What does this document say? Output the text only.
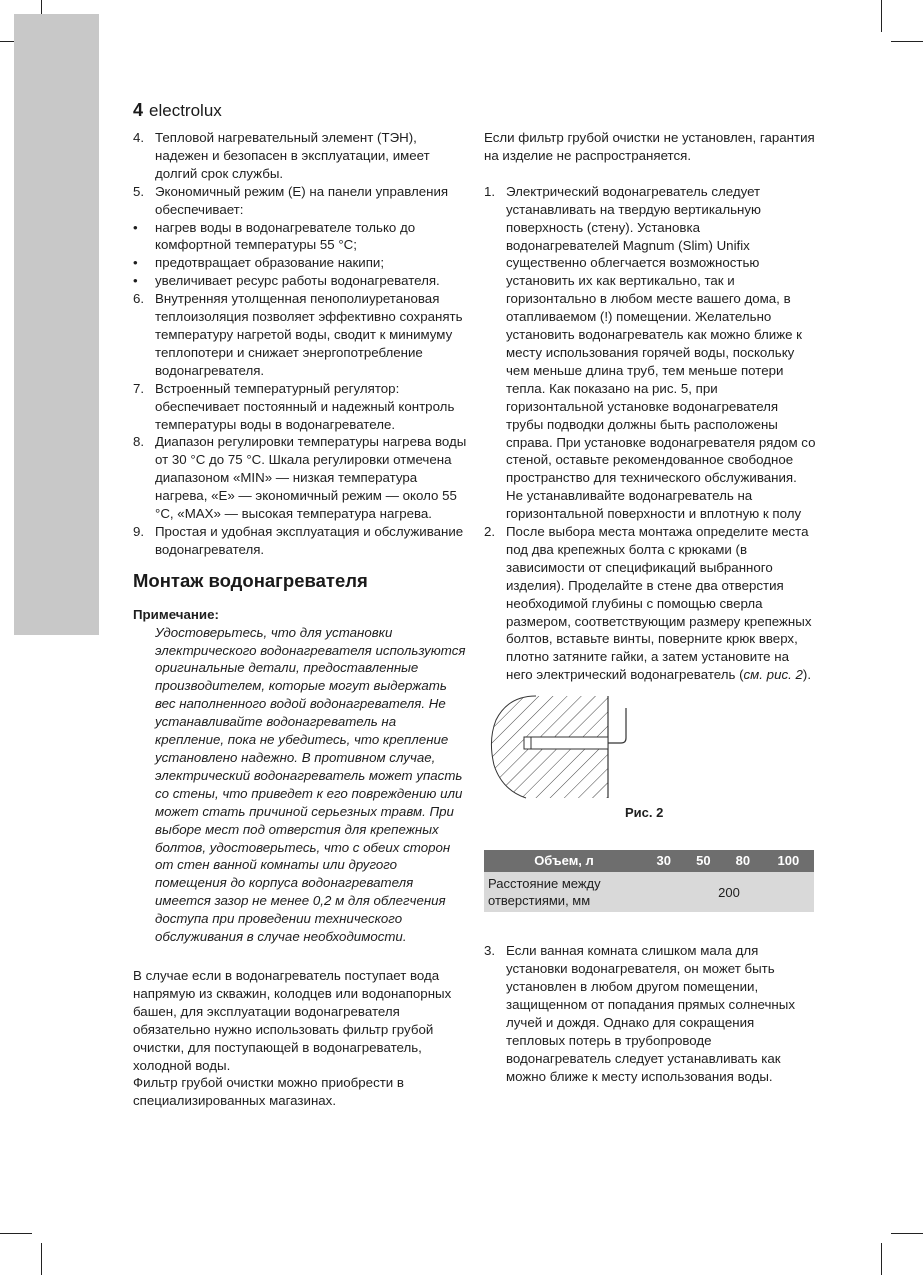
4 electrolux
4. Тепловой нагревательный элемент (ТЭН), надежен и безопасен в эксплуатации, имеет долгий срок службы.
5. Экономичный режим (E) на панели управления обеспечивает:
• нагрев воды в водонагревателе только до комфортной температуры 55 °C;
• предотвращает образование накипи;
• увеличивает ресурс работы водонагревателя.
6. Внутренняя утолщенная пенополиуретановая теплоизоляция позволяет эффективно сохранять температуру нагретой воды, сводит к минимуму теплопотери и снижает энергопотребление водонагревателя.
7. Встроенный температурный регулятор: обеспечивает постоянный и надежный контроль температуры воды в водонагревателе.
8. Диапазон регулировки температуры нагрева воды от 30 °C до 75 °C. Шкала регулировки отмечена диапазоном «MIN» — низкая температура нагрева, «E» — экономичный режим — около 55 °C, «MAX» — высокая температура нагрева.
9. Простая и удобная эксплуатация и обслуживание водонагревателя.
Монтаж водонагревателя

Примечание:

Удостоверьтесь, что для установки электрического водонагревателя используются оригинальные детали, предоставленные производителем, которые могут выдержать вес наполненного водой водонагревателя. Не устанавливайте водонагреватель на крепление, пока не убедитесь, что крепление установлено надежно. В противном случае, электрический водонагреватель может упасть со стены, что приведет к его повреждению или может стать причиной серьезных травм. При выборе мест под отверстия для крепежных болтов, удостоверьтесь, что с обеих сторон от стен ванной комнаты или другого помещения до корпуса водонагревателя имеется зазор не менее 0,2 м для облегчения доступа при проведении технического обслуживания в случае необходимости.

В случае если в водонагреватель поступает вода напрямую из скважин, колодцев или водонапорных башен, для эксплуатации водонагревателя обязательно нужно использовать фильтр грубой очистки, для поступающей в водонагреватель, холодной воды.

Фильтр грубой очистки можно приобрести в специализированных магазинах.

Если фильтр грубой очистки не установлен, гарантия на изделие не распространяется.

1. Электрический водонагреватель следует устанавливать на твердую вертикальную поверхность (стену). Установка водонагревателей Magnum (Slim) Unifix существенно облегчается возможностью установить их как вертикально, так и горизонтально в любом месте вашего дома, в отапливаемом (!) помещении. Желательно установить водонагреватель как можно ближе к месту использования горячей воды, поскольку чем меньше длина труб, тем меньше потери тепла. Как показано на рис. 5, при горизонтальной установке водонагревателя трубы подводки должны быть расположены справа. При установке водонагревателя рядом со стеной, оставьте рекомендованное свободное пространство для технического обслуживания. Не устанавливайте водонагреватель на горизонтальной поверхности и вплотную к полу
2. После выбора места монтажа определите места под два крепежных болта с крюками (в зависимости от спецификаций выбранного изделия). Проделайте в стене два отверстия необходимой глубины с помощью сверла размером, соответствующим размеру крепежных болтов, вставьте винты, поверните крюк вверх, плотно затяните гайки, а затем установите на него электрический водонагреватель (см. рис. 2).
Рис. 2
Объем, л	30	50	80	100
Расстояние между отверстиями, мм	200			
3. Если ванная комната слишком мала для установки водонагревателя, он может быть установлен в любом другом помещении, защищенном от попадания прямых солнечных лучей и дождя. Однако для сокращения тепловых потерь в трубопроводе водонагреватель следует устанавливать как можно ближе к месту использования воды.
